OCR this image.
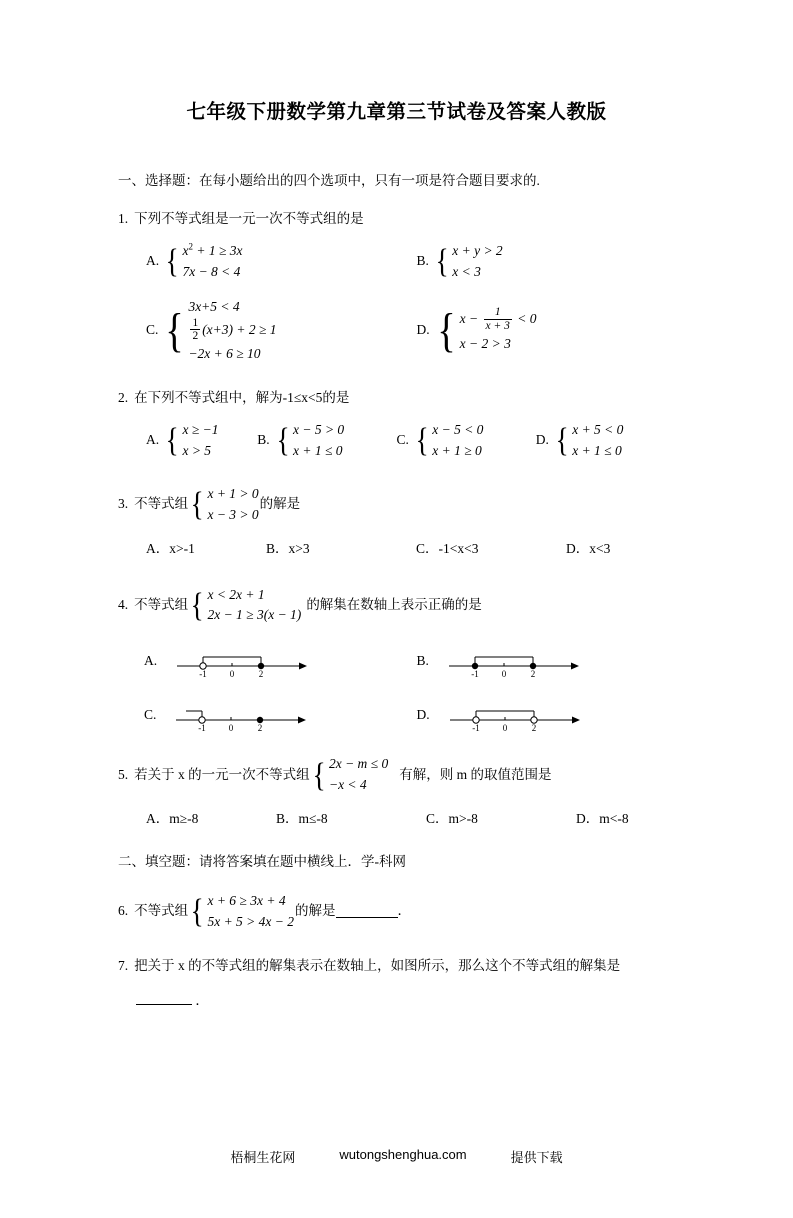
七年级下册数学第九章第三节试卷及答案人教版
一、选择题：在每小题给出的四个选项中，只有一项是符合题目要求的.
1. 下列不等式组是一元一次不等式组的是
A. { $x^2 + 1 \ge 3x$
7x − 8 < 4
B. { x + y > 2
x < 3
C. { 3x+5 < 4
$\frac{1}{2} (x+3) + 2 \ge 1$
−2x + 6 ≥ 10
D. { $x - \frac{1}{x + 3} < 0$
x − 2 > 3
2. 在下列不等式组中，解为-1≤x<5的是
A. { x ≥ −1
x > 5
B. { x − 5 > 0
x + 1 ≤ 0
C. { x − 5 < 0
x + 1 ≥ 0
D. { x + 5 < 0
x + 1 ≤ 0
3. 不等式组 { x + 1 > 0
x − 3 > 0
的解是
A．x>-1	B．x>3	C．-1<x<3	D．x<3
4. 不等式组 { x < 2x + 1
2x − 1 ≥ 3(x − 1)
的解集在数轴上表示正确的是
A.
-1	0	2
B.
-1	0	2
C.
-1	0	2
D.
-1	0	2
5. 若关于 x 的一元一次不等式组 { 2x − m ≤ 0
−x < 4
有解，则 m 的取值范围是
A．m≥-8	B．m≤-8	C．m>-8	D．m<-8
二、填空题：请将答案填在题中横线上．学-科网
6. 不等式组 { x + 6 ≥ 3x + 4
5x + 5 > 4x − 2
的解是	．
7. 把关于 x 的不等式组的解集表示在数轴上，如图所示，那么这个不等式组的解集是
．
梧桐生花网	wutongshenghua.com	提供下载
